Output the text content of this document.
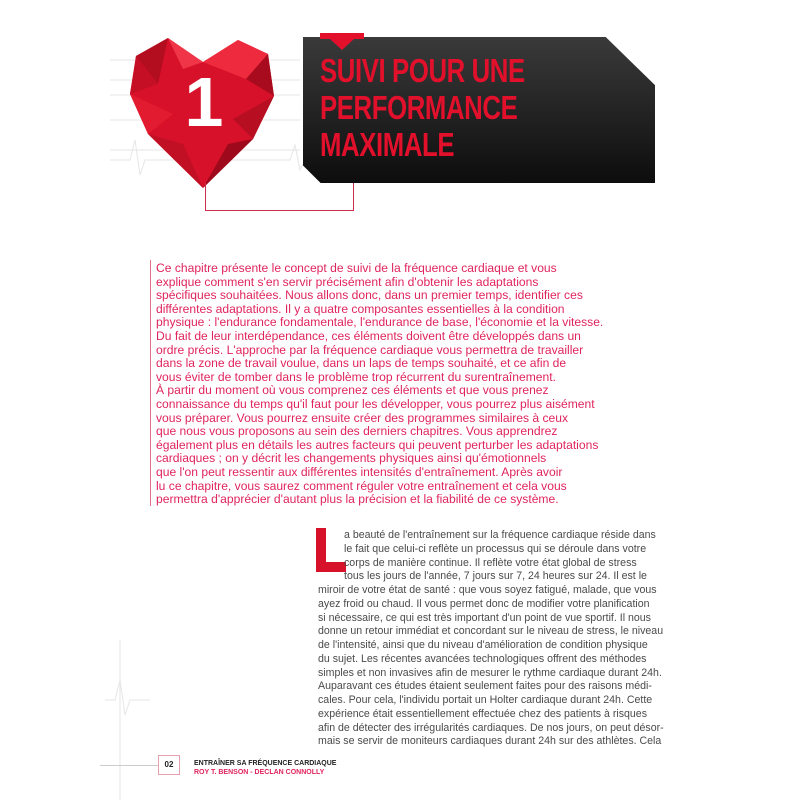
1	SUIVI POUR UNE
PERFORMANCE
MAXIMALE
Ce chapitre présente le concept de suivi de la fréquence cardiaque et vous
explique comment s'en servir précisément afin d'obtenir les adaptations
spécifiques souhaitées. Nous allons donc, dans un premier temps, identifier ces
différentes adaptations. Il y a quatre composantes essentielles à la condition
physique : l'endurance fondamentale, l'endurance de base, l'économie et la vitesse.
Du fait de leur interdépendance, ces éléments doivent être développés dans un
ordre précis. L'approche par la fréquence cardiaque vous permettra de travailler
dans la zone de travail voulue, dans un laps de temps souhaité, et ce afin de
vous éviter de tomber dans le problème trop récurrent du surentraînement.
À partir du moment où vous comprenez ces éléments et que vous prenez
connaissance du temps qu'il faut pour les développer, vous pourrez plus aisément
vous préparer. Vous pourrez ensuite créer des programmes similaires à ceux
que nous vous proposons au sein des derniers chapitres. Vous apprendrez
également plus en détails les autres facteurs qui peuvent perturber les adaptations
cardiaques ; on y décrit les changements physiques ainsi qu'émotionnels
que l'on peut ressentir aux différentes intensités d'entraînement. Après avoir
lu ce chapitre, vous saurez comment réguler votre entraînement et cela vous
permettra d'apprécier d'autant plus la précision et la fiabilité de ce système.
a beauté de l'entraînement sur la fréquence cardiaque réside dans
le fait que celui-ci reflète un processus qui se déroule dans votre
corps de manière continue. Il reflète votre état global de stress
tous les jours de l'année, 7 jours sur 7, 24 heures sur 24. Il est le
miroir de votre état de santé : que vous soyez fatigué, malade, que vous
ayez froid ou chaud. Il vous permet donc de modifier votre planification
si nécessaire, ce qui est très important d'un point de vue sportif. Il nous
donne un retour immédiat et concordant sur le niveau de stress, le niveau
de l'intensité, ainsi que du niveau d'amélioration de condition physique
du sujet. Les récentes avancées technologiques offrent des méthodes
simples et non invasives afin de mesurer le rythme cardiaque durant 24h.
Auparavant ces études étaient seulement faites pour des raisons médi-
cales. Pour cela, l'individu portait un Holter cardiaque durant 24h. Cette
expérience était essentiellement effectuée chez des patients à risques
afin de détecter des irrégularités cardiaques. De nos jours, on peut désor-
mais se servir de moniteurs cardiaques durant 24h sur des athlètes. Cela
02	ENTRAÎNER SA FRÉQUENCE CARDIAQUE
ROY T. BENSON - DECLAN CONNOLLY
